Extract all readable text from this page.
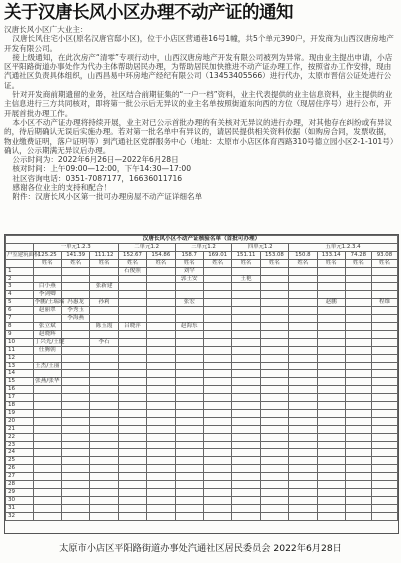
关于汉唐长风小区办理不动产证的通知

汉唐长风小区广大业主：

汉唐长风住宅小区(原名汉唐官邸小区)，位于小店区营通巷16号1幢，共5个单元390户，开发商为山西汉唐房地产开发有限公司。

接上级通知，在此次房产“清零”专项行动中，山西汉唐房地产开发有限公司被列为异常。现由业主提出申请，小店区平阳路街道办事处作为代办主体帮助居民办理，为帮助居民加快推进不动产证办理工作，按照省办工作安排，现由汽通社区负责具体组织，山西昌易中环房地产经纪有限公司（13453405566）进行代办，太原市晋信公证处进行公证。

针对开发商前期遗留的业务，社区结合前期征集的“一户一档”资料，业主代表提供的业主信息资料，业主提供的业主信息进行三方共同核对，即将第一批公示后无异议的业主名单按照街道东向西的方位（现居住序号）进行公布，开开展首批办理工作。

本小区不动产证办理将持续开展，业主对已公示首批办理的有关核对无异议的进行办理，对其他存在纠纷或有异议的，待后期确认无误后实施办理。若对第一批名单中有异议的，请居民提供相关资料依据（如购房合同，发票收据，物业缴费证明，落户证明等）到汽通社区党群服务中心（地址：太原市小店区体育西路310号德立园小区2-1-101号）确认，公示期满无异议后办理。

公示时间为：2022年6月26日—2022年6月28日

核对时间：上午09:00—12:00，下午14:30—17:00

社区咨询电话：0351-7087177，16636011716

感谢各位业主的支持和配合！

附件：汉唐长风小区第一批可办理房屋不动产证详细名单

汉唐长风小区不动产证核验名单（首批可办理）													
	一单元1.2.3			二单元1.2		三单元1.2		四单元1.2		五单元1.2.3.4			
户室建筑面积	125.25	141.39	111.12	152.67	154.86	158.7	169.01	151.11	153.08	150.8	133.14	74.28	93.08
	姓名	姓名	姓名	姓名	姓名	姓名	姓名	姓名	姓名	姓名	姓名	姓名	姓名
1				石俊照		刘罕							
2						郭王安		王艳					
3	白小燕		张新建										
4	李剑卿												
5	李鹏/王瑞瑞	冯惠龙	孙莉			张宏					赵鹏		程维
6	赵丽翠	李秀玉											
7		李海燕											
8	张立斌		陈玉霞	吕晓萍		赵海东							
9	赵晓辉												
10	丁兴光/王健		李石										
11	任腾朝												
12													
13	王杰/王丽												
14													
15	张燕/张华												
16													
17													
18													
19													
20													
21													
22													
23													
24													
25													
26													
27													
28													
29													
30													
31													
32													
太原市小店区平阳路街道办事处汽通社区居民委员会 2022年6月28日
